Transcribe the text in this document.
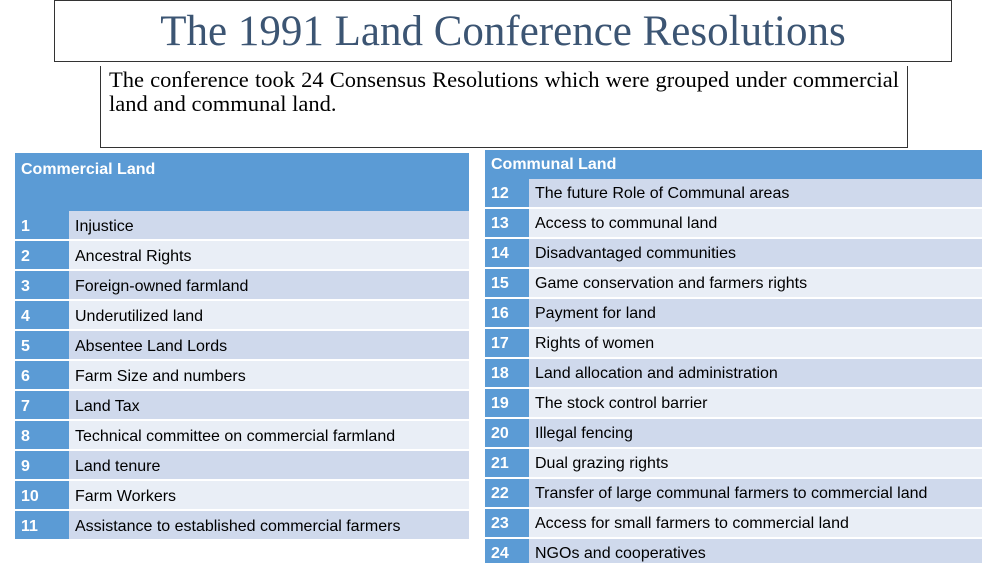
The 1991 Land Conference Resolutions

The conference took 24 Consensus Resolutions which were grouped under commercial land and communal land.

Commercial Land	
1	Injustice
2	Ancestral Rights
3	Foreign-owned farmland
4	Underutilized land
5	Absentee Land Lords
6	Farm Size and numbers
7	Land Tax
8	Technical committee on commercial farmland
9	Land tenure
10	Farm Workers
11	Assistance to established commercial farmers
Communal Land	
12	The future Role of Communal areas
13	Access to communal land
14	Disadvantaged communities
15	Game conservation and farmers rights
16	Payment for land
17	Rights of women
18	Land allocation and administration
19	The stock control barrier
20	Illegal fencing
21	Dual grazing rights
22	Transfer of large communal farmers to commercial land
23	Access for small farmers to commercial land
24	NGOs and cooperatives
